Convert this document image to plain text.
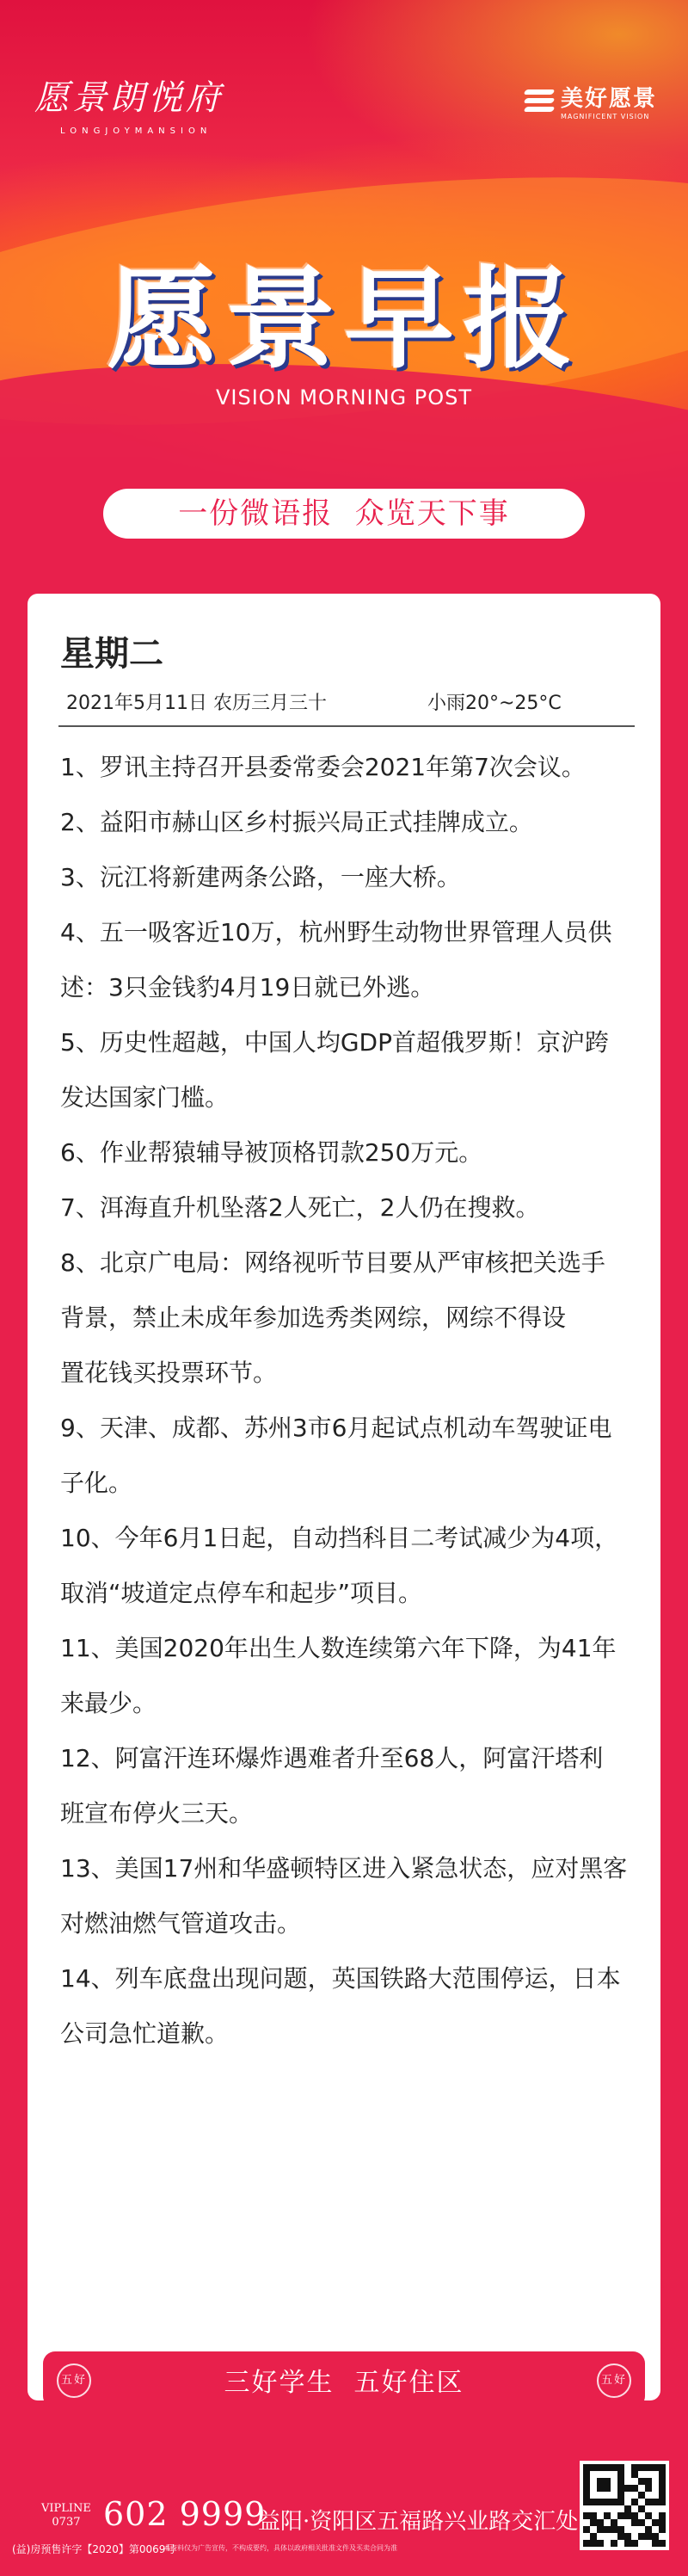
愿景朗悦府
LONGJOYMANSION
美好愿景
MAGNIFICENT VISION
愿景早报
VISION MORNING POST
一份微语报  众览天下事
星期二
2021年5月11日 农历三月三十	小雨20°~25°C
1、罗讯主持召开县委常委会2021年第7次会议。
2、益阳市赫山区乡村振兴局正式挂牌成立。
3、沅江将新建两条公路，一座大桥。
4、五一吸客近10万，杭州野生动物世界管理人员供
述：3只金钱豹4月19日就已外逃。
5、历史性超越，中国人均GDP首超俄罗斯！京沪跨
发达国家门槛。
6、作业帮猿辅导被顶格罚款250万元。
7、洱海直升机坠落2人死亡，2人仍在搜救。
8、北京广电局：网络视听节目要从严审核把关选手
背景，禁止未成年参加选秀类网综，网综不得设
置花钱买投票环节。
9、天津、成都、苏州3市6月起试点机动车驾驶证电
子化。
10、今年6月1日起，自动挡科目二考试减少为4项，
取消“坡道定点停车和起步”项目。
11、美国2020年出生人数连续第六年下降，为41年
来最少。
12、阿富汗连环爆炸遇难者升至68人，阿富汗塔利
班宣布停火三天。
13、美国17州和华盛顿特区进入紧急状态，应对黑客
对燃油燃气管道攻击。
14、列车底盘出现问题，英国铁路大范围停运，日本
公司急忙道歉。
五好	三好学生  五好住区	五好
VIPLINE
0737 602 9999
益阳·资阳区五福路兴业路交汇处
(益)房预售许字【2020】第0069号
本资料仅为广告宣传，不构成要约，具体以政府相关批准文件及买卖合同为准
